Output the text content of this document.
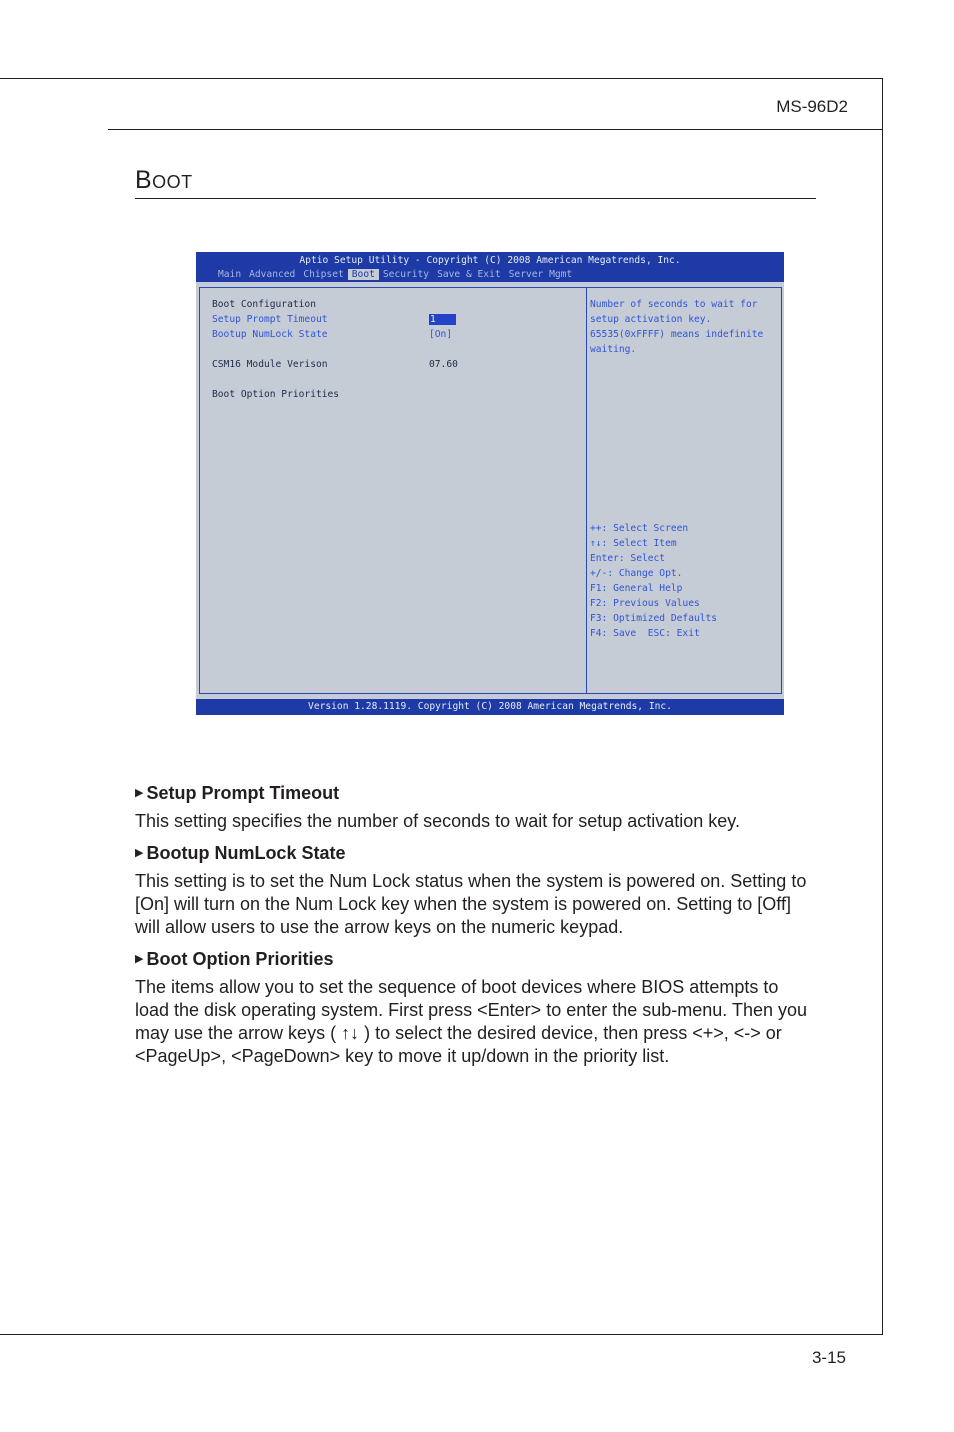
MS-96D2
Boot
Aptio Setup Utility - Copyright (C) 2008 American Megatrends, Inc.
Main Advanced Chipset Boot Security Save & Exit Server Mgmt
Boot Configuration
Setup Prompt Timeout	1
Bootup NumLock State	[On]
CSM16 Module Verison	07.60
Boot Option Priorities
Number of seconds to wait for
setup activation key.
65535(0xFFFF) means indefinite
waiting.
++: Select Screen
↑↓: Select Item
Enter: Select
+/-: Change Opt.
F1: General Help
F2: Previous Values
F3: Optimized Defaults
F4: Save  ESC: Exit
Version 1.28.1119. Copyright (C) 2008 American Megatrends, Inc.
▶ Setup Prompt Timeout
This setting specifies the number of seconds to wait for setup activation key.
▶ Bootup NumLock State
This setting is to set the Num Lock status when the system is powered on. Setting to [On] will turn on the Num Lock key when the system is powered on. Setting to [Off] will allow users to use the arrow keys on the numeric keypad.
▶ Boot Option Priorities
The items allow you to set the sequence of boot devices where BIOS attempts to load the disk operating system. First press <Enter> to enter the sub-menu. Then you may use the arrow keys ( ↑↓ ) to select the desired device, then press <+>, <-> or <PageUp>, <PageDown> key to move it up/down in the priority list.
3-15
